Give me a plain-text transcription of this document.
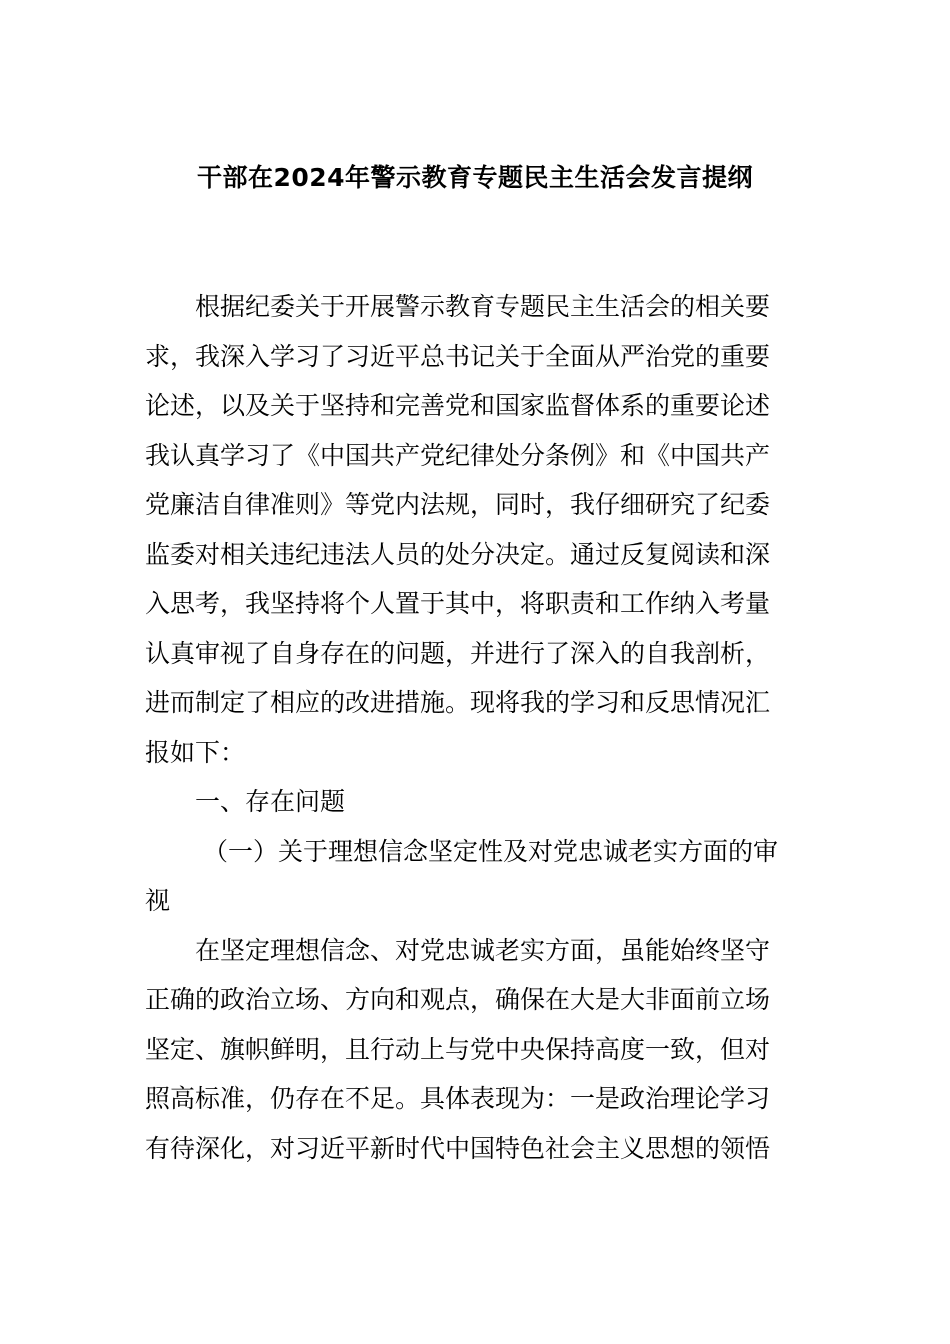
干部在2024年警示教育专题民主生活会发言提纲
根据纪委关于开展警示教育专题民主生活会的相关要
求，我深入学习了习近平总书记关于全面从严治党的重要
论述，以及关于坚持和完善党和国家监督体系的重要论述
我认真学习了《中国共产党纪律处分条例》和《中国共产
党廉洁自律准则》等党内法规，同时，我仔细研究了纪委
监委对相关违纪违法人员的处分决定。通过反复阅读和深
入思考，我坚持将个人置于其中，将职责和工作纳入考量
认真审视了自身存在的问题，并进行了深入的自我剖析，
进而制定了相应的改进措施。现将我的学习和反思情况汇
报如下：
一、存在问题
（一）关于理想信念坚定性及对党忠诚老实方面的审
视
在坚定理想信念、对党忠诚老实方面，虽能始终坚守
正确的政治立场、方向和观点，确保在大是大非面前立场
坚定、旗帜鲜明，且行动上与党中央保持高度一致，但对
照高标准，仍存在不足。具体表现为：一是政治理论学习
有待深化，对习近平新时代中国特色社会主义思想的领悟
